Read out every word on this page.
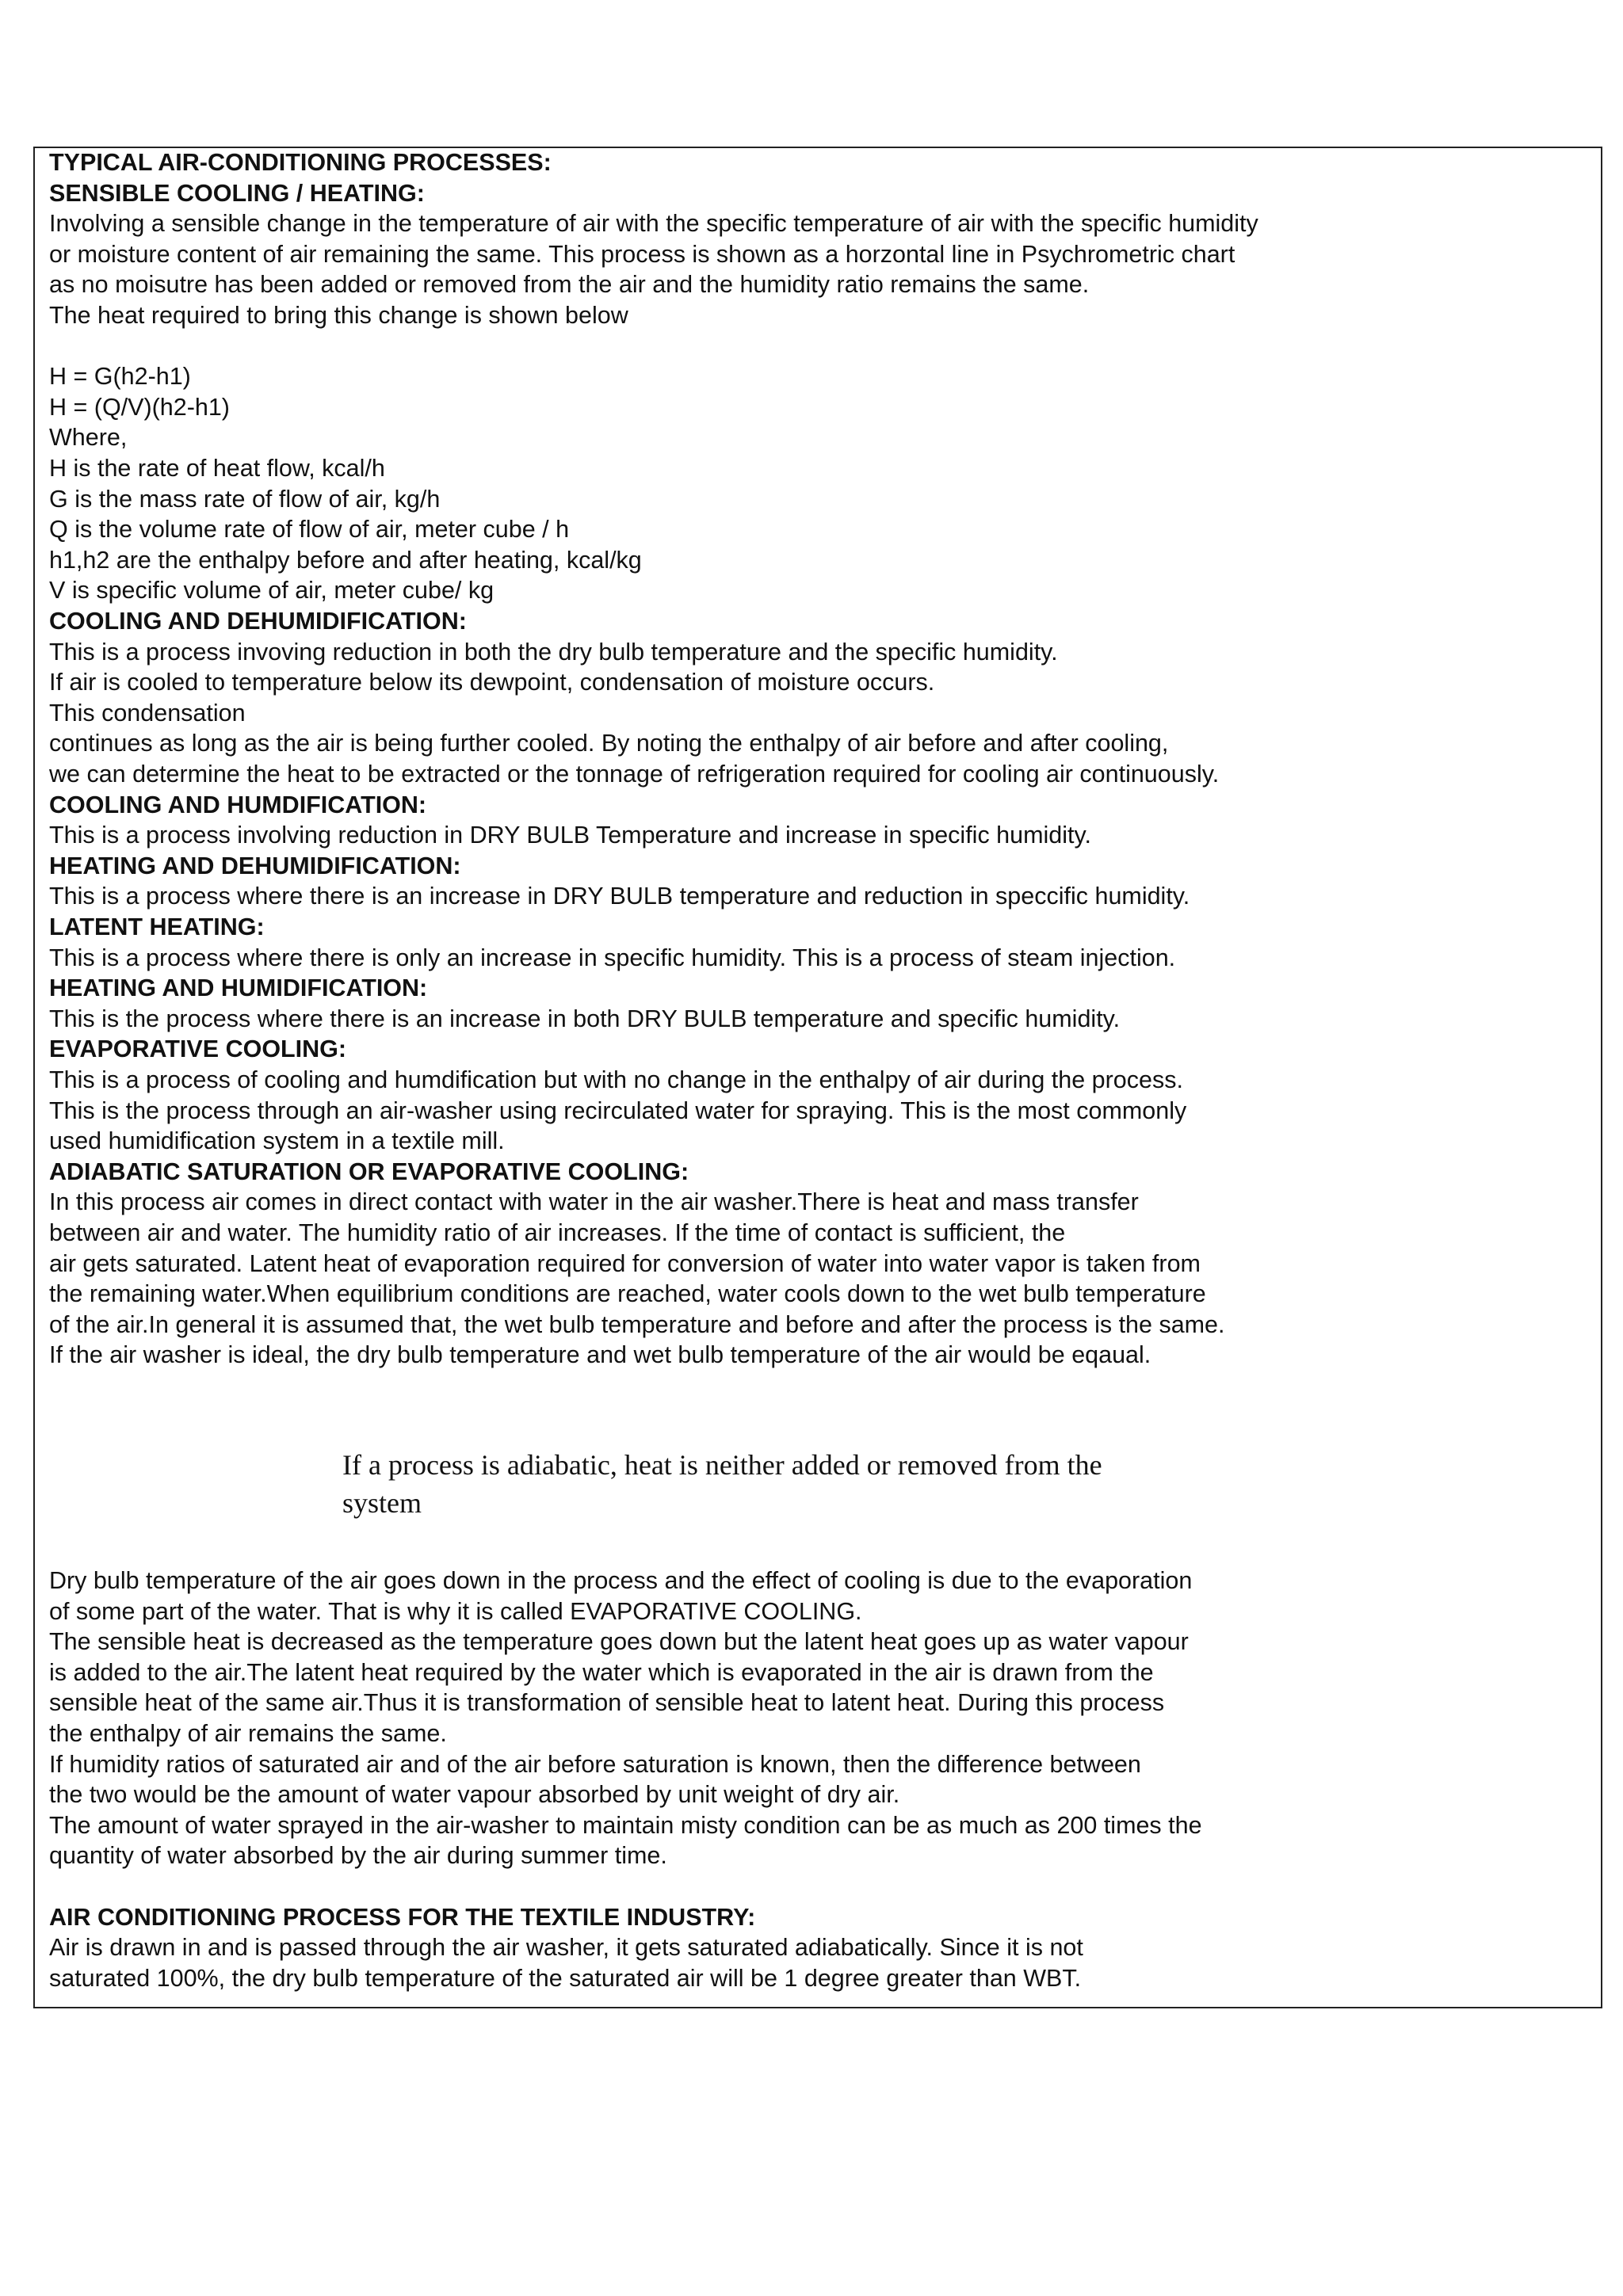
TYPICAL AIR-CONDITIONING PROCESSES:

SENSIBLE COOLING / HEATING:

Involving a sensible change in the temperature of air with the specific temperature of air with the specific humidity

or moisture content of air remaining the same. This process is shown as a horzontal line in Psychrometric chart

as no moisutre has been added or removed from the air and the humidity ratio remains the same.

The heat required to bring this change is shown below

H = G(h2-h1)

H = (Q/V)(h2-h1)

Where,

H is the rate of heat flow, kcal/h

G is the mass rate of flow of air, kg/h

Q is the volume rate of flow of air, meter cube / h

h1,h2 are the enthalpy before and after heating, kcal/kg

V is specific volume of air, meter cube/ kg

COOLING AND DEHUMIDIFICATION:

This is a process invoving reduction in both the dry bulb temperature and the specific humidity.

If air is cooled to temperature below its dewpoint, condensation of moisture occurs.

This condensation

continues as long as the air is being further cooled. By noting the enthalpy of air before and after cooling,

we can determine the heat to be extracted or the tonnage of refrigeration required for cooling air continuously.

COOLING AND HUMDIFICATION:

This is a process involving reduction in DRY BULB Temperature and increase in specific humidity.

HEATING AND DEHUMIDIFICATION:

This is a process where there is an increase in DRY BULB temperature and reduction in speccific humidity.

LATENT HEATING:

This is a process where there is only an increase in specific humidity. This is a process of steam injection.

HEATING AND HUMIDIFICATION:

This is the process where there is an increase in both DRY BULB temperature and specific humidity.

EVAPORATIVE COOLING:

This is a process of cooling and humdification but with no change in the enthalpy of air during the process.

This is the process through an air-washer using recirculated water for spraying. This is the most commonly

used humidification system in a textile mill.

ADIABATIC SATURATION OR EVAPORATIVE COOLING:

In this process air comes in direct contact with water in the air washer.There is heat and mass transfer

between air and water. The humidity ratio of air increases. If the time of contact is sufficient, the

air gets saturated. Latent heat of evaporation required for conversion of water into water vapor is taken from

the remaining water.When equilibrium conditions are reached, water cools down to the wet bulb temperature

of the air.In general it is assumed that, the wet bulb temperature and before and after the process is the same.

If the air washer is ideal, the dry bulb temperature and wet bulb temperature of the air would be eqaual.

If a process is adiabatic, heat is neither added or removed from the

system

Dry bulb temperature of the air goes down in the process and the effect of cooling is due to the evaporation

of some part of the water. That is why it is called EVAPORATIVE COOLING.

The sensible heat is decreased as the temperature goes down but the latent heat goes up as water vapour

is added to the air.The latent heat required by the water which is evaporated in the air is drawn from the

sensible heat of the same air.Thus it is transformation of sensible heat to latent heat. During this process

the enthalpy of air remains the same.

If humidity ratios of saturated air and of the air before saturation is known, then the difference between

the two would be the amount of water vapour absorbed by unit weight of dry air.

The amount of water sprayed in the air-washer to maintain misty condition can be as much as 200 times the

quantity of water absorbed by the air during summer time.

AIR CONDITIONING PROCESS FOR THE TEXTILE INDUSTRY:

Air is drawn in and is passed through the air washer, it gets saturated adiabatically. Since it is not

saturated 100%, the dry bulb temperature of the saturated air will be 1 degree greater than WBT.
